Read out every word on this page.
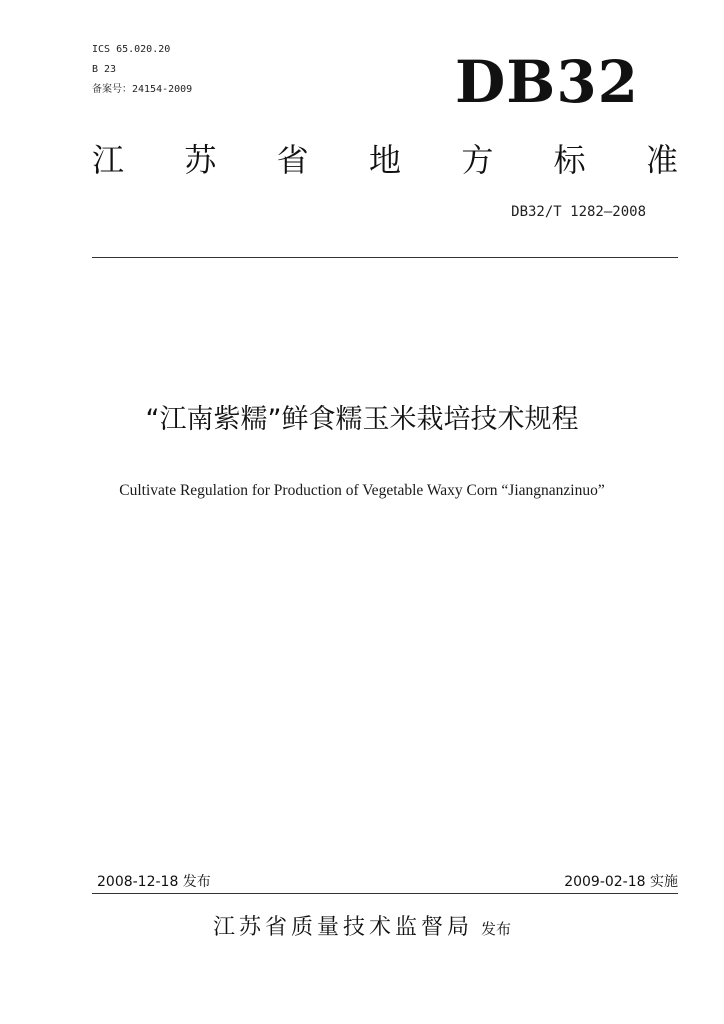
ICS 65.020.20
B 23
备案号：24154-2009	DB32
江 苏 省 地 方 标 准
DB32/T 1282—2008
“江南紫糯”鲜食糯玉米栽培技术规程
Cultivate Regulation for Production of Vegetable Waxy Corn “Jiangnanzinuo”
2008-12-18 发布	2009-02-18 实施
江苏省质量技术监督局 发布
